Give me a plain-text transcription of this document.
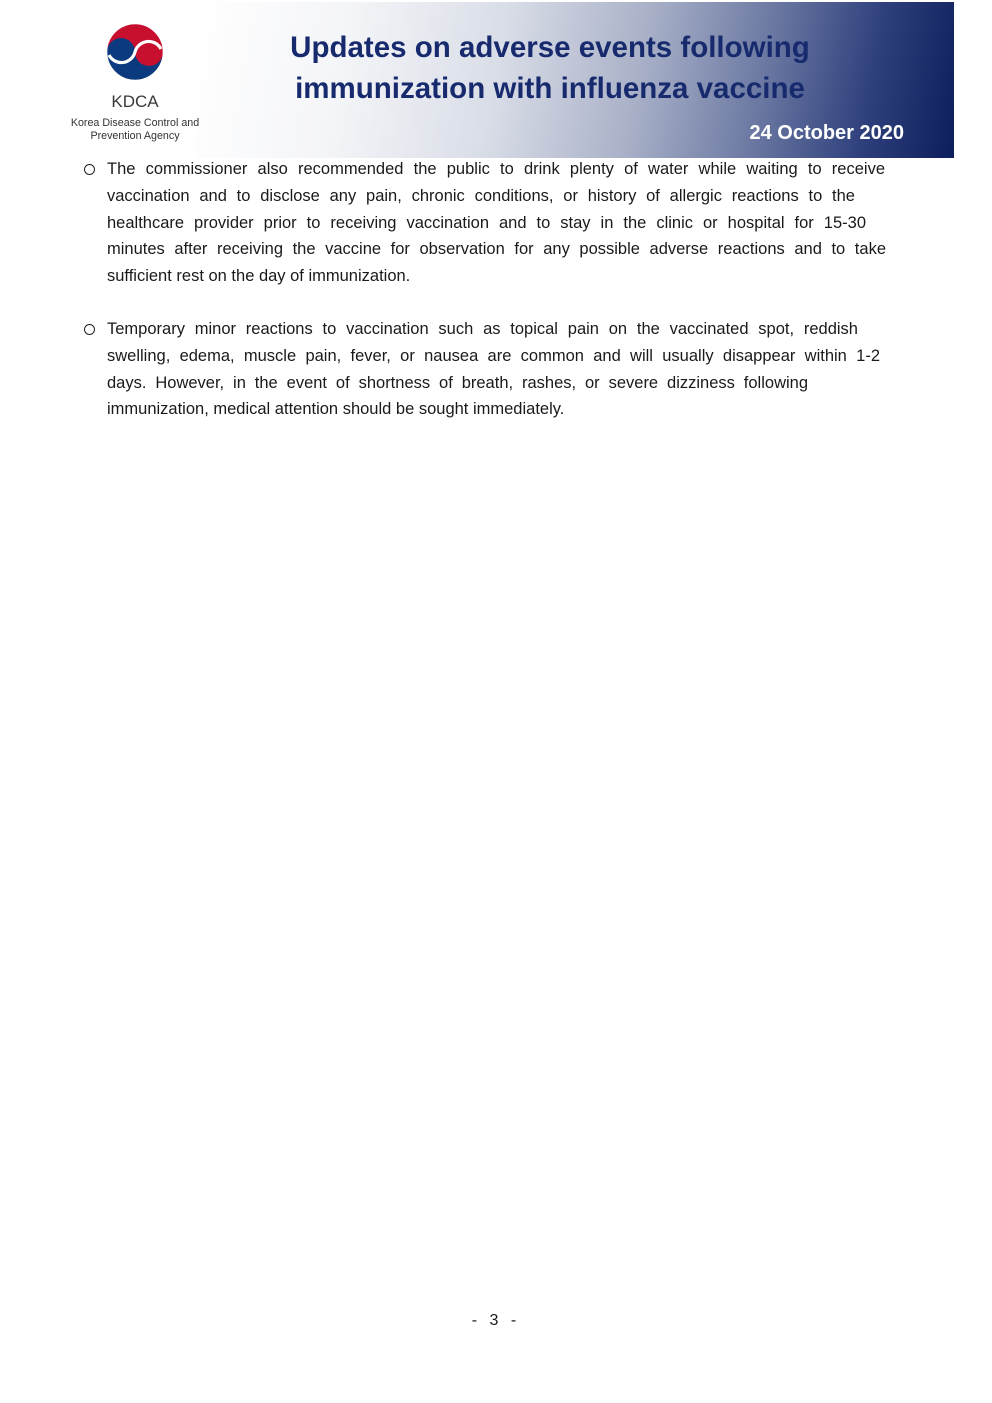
KDCA
Korea Disease Control and
Prevention Agency
Updates on adverse events following
immunization with influenza vaccine
24 October 2020
The commissioner also recommended the public to drink plenty of water while waiting to receive
vaccination and to disclose any pain, chronic conditions, or history of allergic reactions to the
healthcare provider prior to receiving vaccination and to stay in the clinic or hospital for 15-30
minutes after receiving the vaccine for observation for any possible adverse reactions and to take
sufficient rest on the day of immunization.
Temporary minor reactions to vaccination such as topical pain on the vaccinated spot, reddish
swelling, edema, muscle pain, fever, or nausea are common and will usually disappear within 1-2
days. However, in the event of shortness of breath, rashes, or severe dizziness following
immunization, medical attention should be sought immediately.
- 3 -
